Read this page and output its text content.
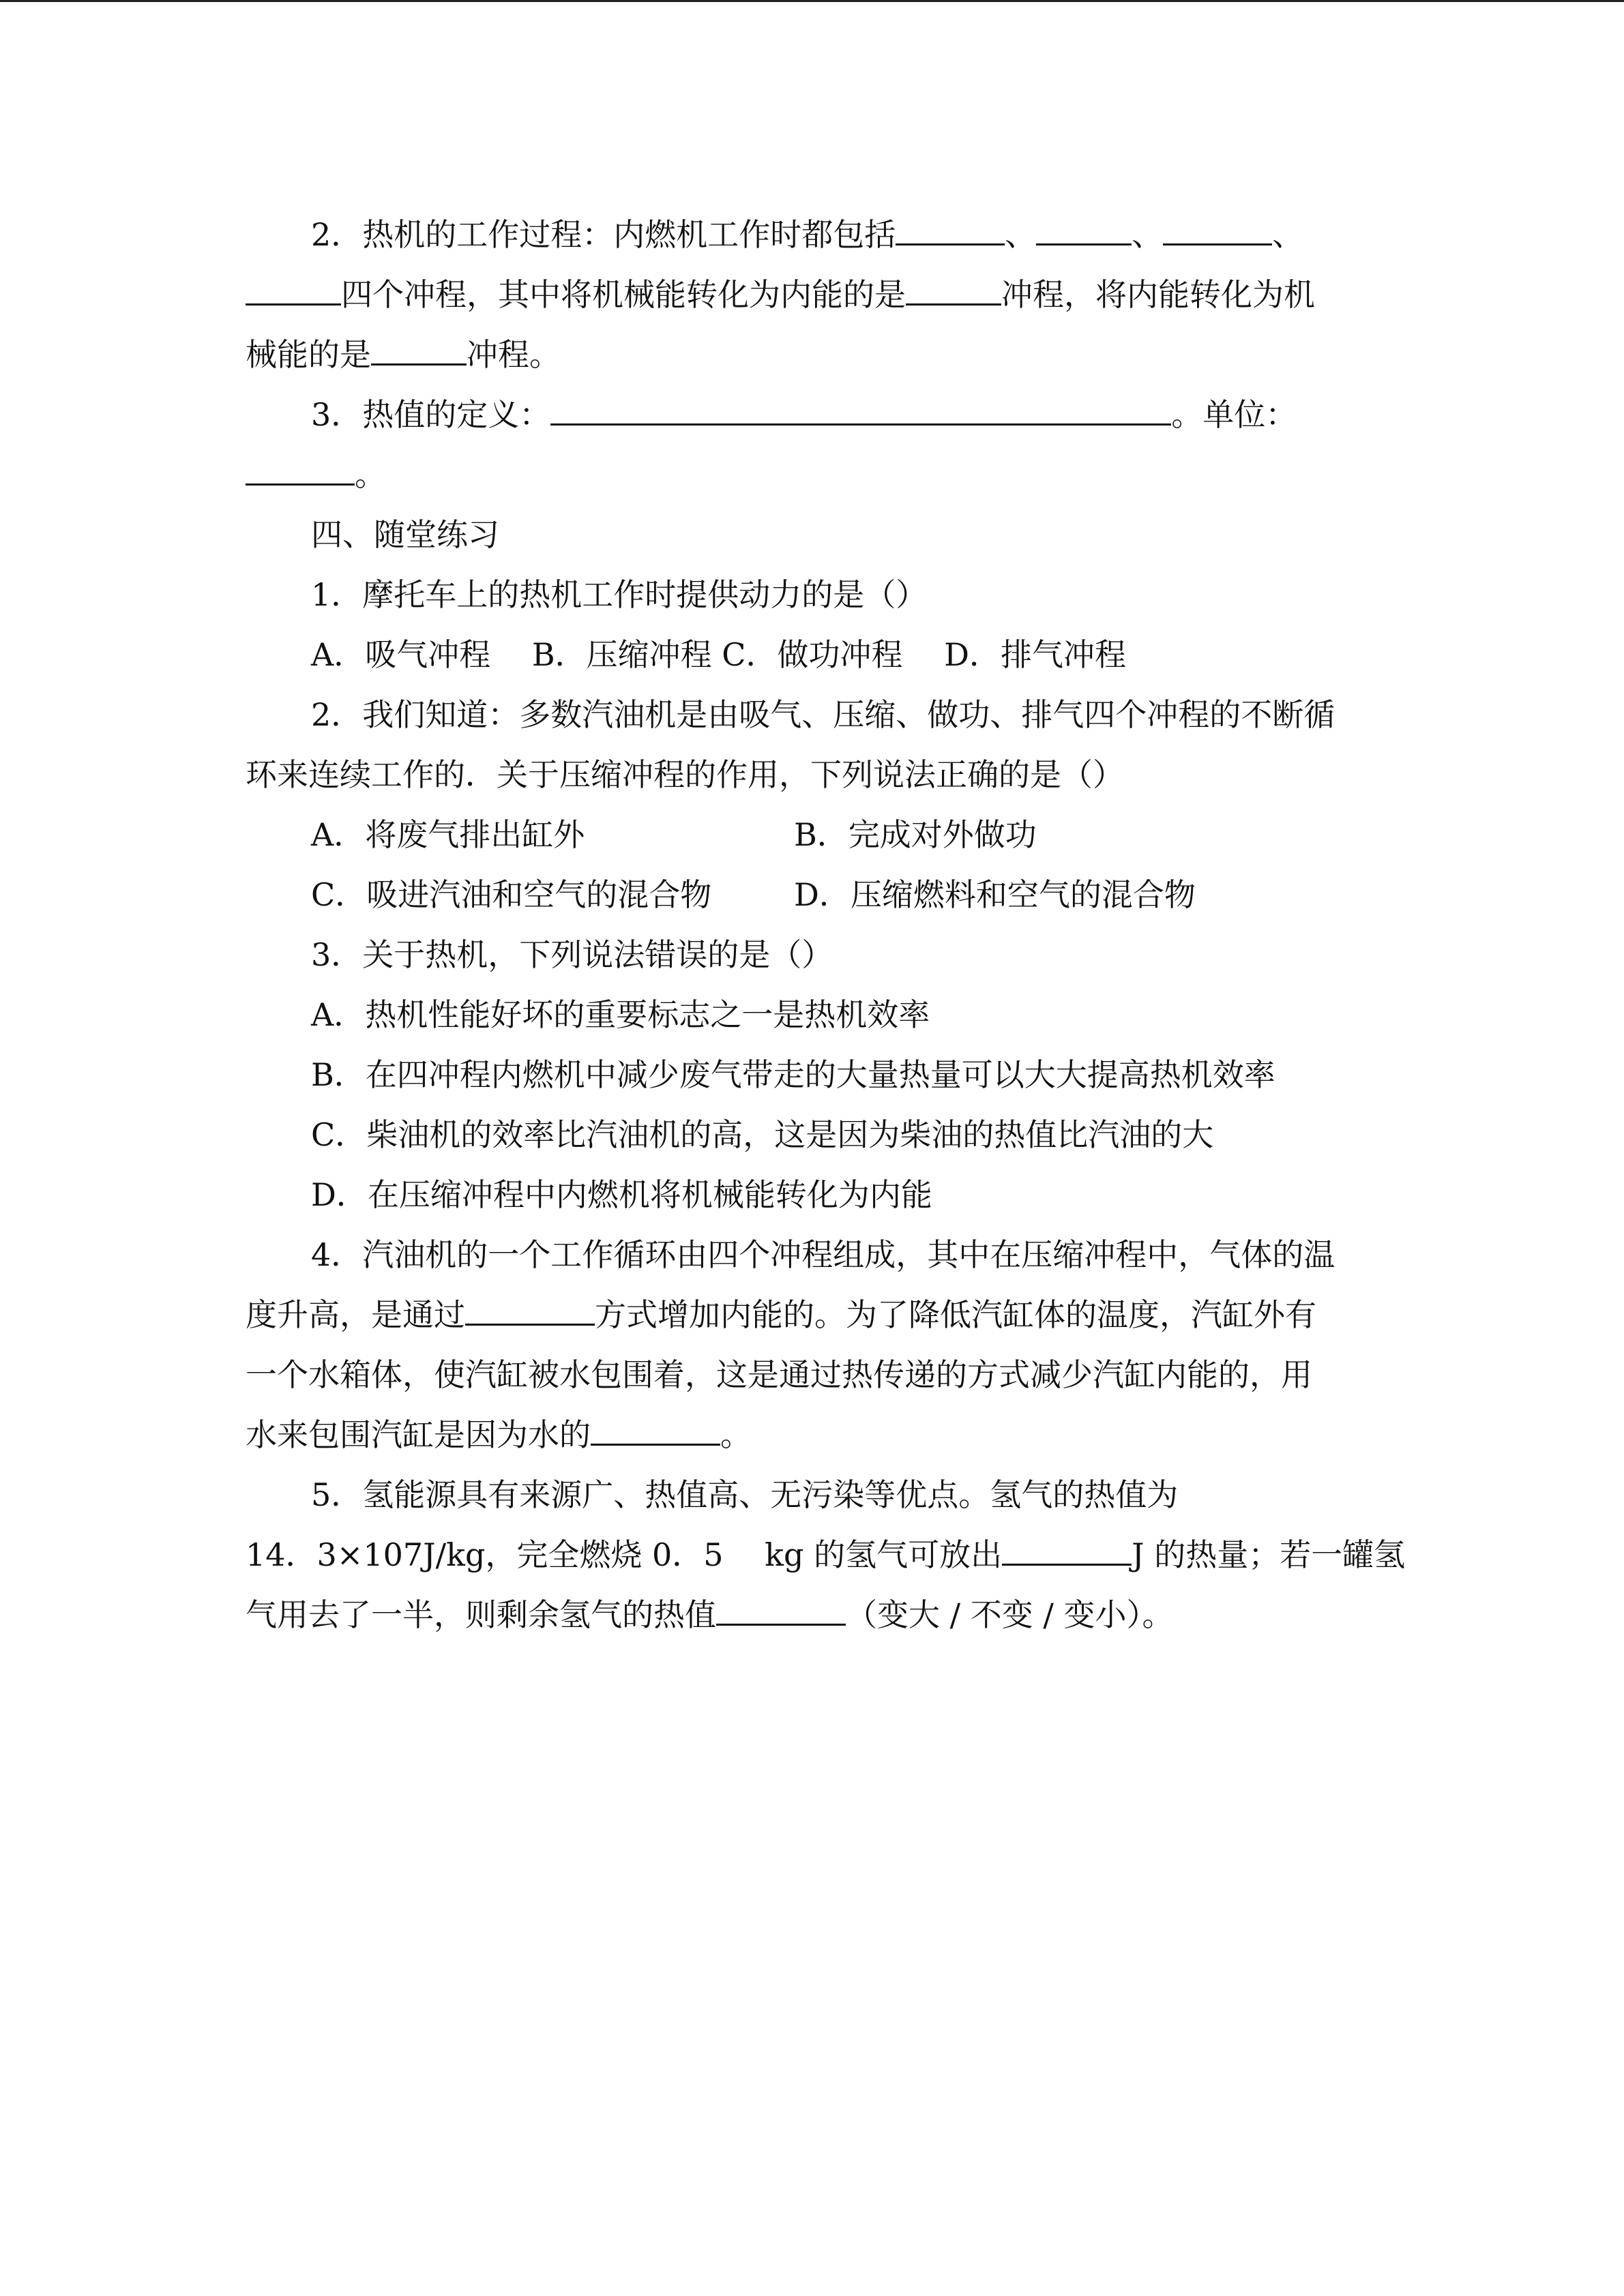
2．热机的工作过程：内燃机工作时都包括	、	、	、

四个冲程，其中将机械能转化为内能的是	冲程，将内能转化为机

械能的是	冲程。

3．热值的定义：	。单位：

。

四、随堂练习

1．摩托车上的热机工作时提供动力的是（）

A．吸气冲程　 B．压缩冲程 C．做功冲程　 D．排气冲程

2．我们知道：多数汽油机是由吸气、压缩、做功、排气四个冲程的不断循

环来连续工作的．关于压缩冲程的作用，下列说法正确的是（）

A．将废气排出缸外	B．完成对外做功
C．吸进汽油和空气的混合物	D．压缩燃料和空气的混合物

3．关于热机，下列说法错误的是（）

A．热机性能好坏的重要标志之一是热机效率

B．在四冲程内燃机中减少废气带走的大量热量可以大大提高热机效率

C．柴油机的效率比汽油机的高，这是因为柴油的热值比汽油的大

D．在压缩冲程中内燃机将机械能转化为内能

4．汽油机的一个工作循环由四个冲程组成，其中在压缩冲程中，气体的温

度升高，是通过	方式增加内能的。为了降低汽缸体的温度，汽缸外有

一个水箱体，使汽缸被水包围着，这是通过热传递的方式减少汽缸内能的，用

水来包围汽缸是因为水的	。

5．氢能源具有来源广、热值高、无污染等优点。氢气的热值为

14．3×107J/kg，完全燃烧 0．5　 kg 的氢气可放出	J 的热量；若一罐氢

气用去了一半，则剩余氢气的热值	（变大 / 不变 / 变小）。
